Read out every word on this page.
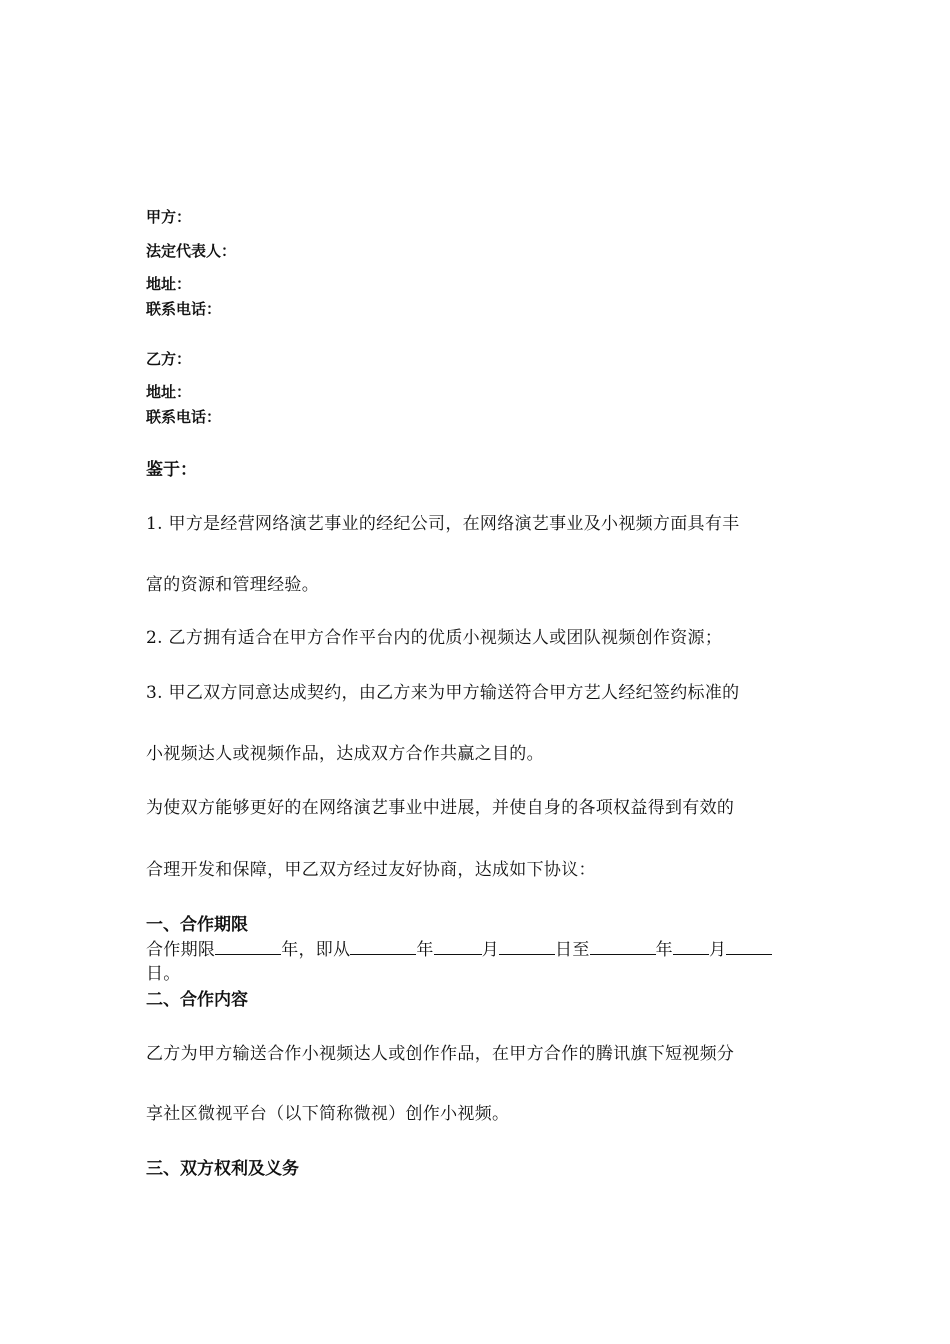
甲方：
法定代表人：
地址：
联系电话：
乙方：
地址：
联系电话：
鉴于：
1. 甲方是经营网络演艺事业的经纪公司，在网络演艺事业及小视频方面具有丰
富的资源和管理经验。
2. 乙方拥有适合在甲方合作平台内的优质小视频达人或团队视频创作资源；
3. 甲乙双方同意达成契约，由乙方来为甲方输送符合甲方艺人经纪签约标准的
小视频达人或视频作品，达成双方合作共赢之目的。
为使双方能够更好的在网络演艺事业中进展，并使自身的各项权益得到有效的
合理开发和保障，甲乙双方经过友好协商，达成如下协议：
一、合作期限
合作期限	年，即从	年	月	日至	年 月
日。
二、合作内容
乙方为甲方输送合作小视频达人或创作作品，在甲方合作的腾讯旗下短视频分
享社区微视平台（以下简称微视）创作小视频。
三、双方权利及义务
